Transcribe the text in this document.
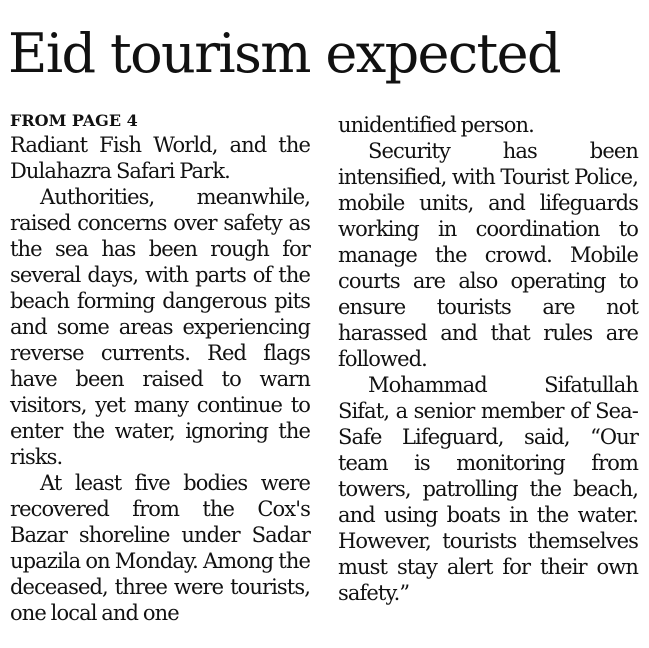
Eid tourism expected
FROM PAGE 4

Radiant Fish World, and the Dulahazra Safari Park.

Authorities, meanwhile, raised concerns over safety as the sea has been rough for several days, with parts of the beach forming dangerous pits and some areas experiencing reverse currents. Red flags have been raised to warn visitors, yet many continue to enter the water, ignoring the risks.

At least five bodies were recovered from the Cox's Bazar shoreline under Sadar upazila on Monday. Among the deceased, three were tourists, one local and one

unidentified person.

Security has been intensified, with Tourist Police, mobile units, and lifeguards working in coordination to manage the crowd. Mobile courts are also operating to ensure tourists are not harassed and that rules are followed.

Mohammad Sifatullah Sifat, a senior member of Sea-Safe Lifeguard, said, “Our team is monitoring from towers, patrolling the beach, and using boats in the water. However, tourists themselves must stay alert for their own safety.”
